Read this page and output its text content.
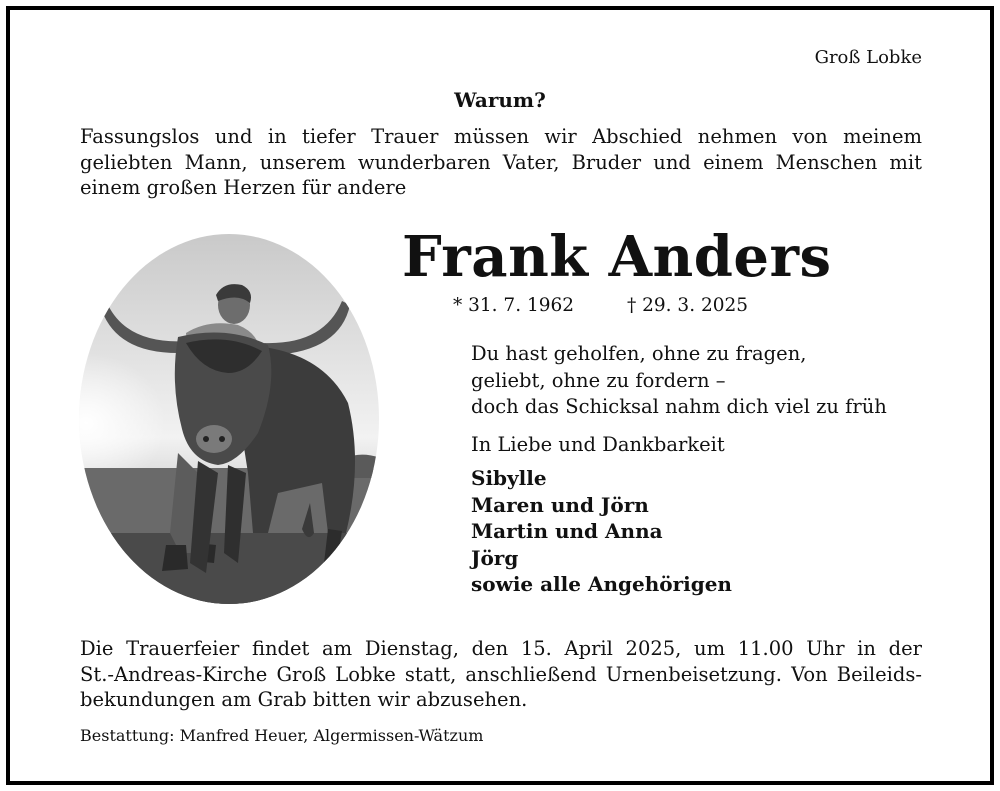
Groß Lobke
Warum?
Fassungslos und in tiefer Trauer müssen wir Abschied nehmen von meinem
geliebten Mann, unserem wunderbaren Vater, Bruder und einem Menschen mit
einem großen Herzen für andere
Frank Anders
* 31. 7. 1962	† 29. 3. 2025
Du hast geholfen, ohne zu fragen,
geliebt, ohne zu fordern –
doch das Schicksal nahm dich viel zu früh
In Liebe und Dankbarkeit
Sibylle
Maren und Jörn
Martin und Anna
Jörg
sowie alle Angehörigen
Die Trauerfeier findet am Dienstag, den 15. April 2025, um 11.00 Uhr in der
St.-Andreas-Kirche Groß Lobke statt, anschließend Urnenbeisetzung. Von Beileids-
bekundungen am Grab bitten wir abzusehen.
Bestattung: Manfred Heuer, Algermissen-Wätzum
